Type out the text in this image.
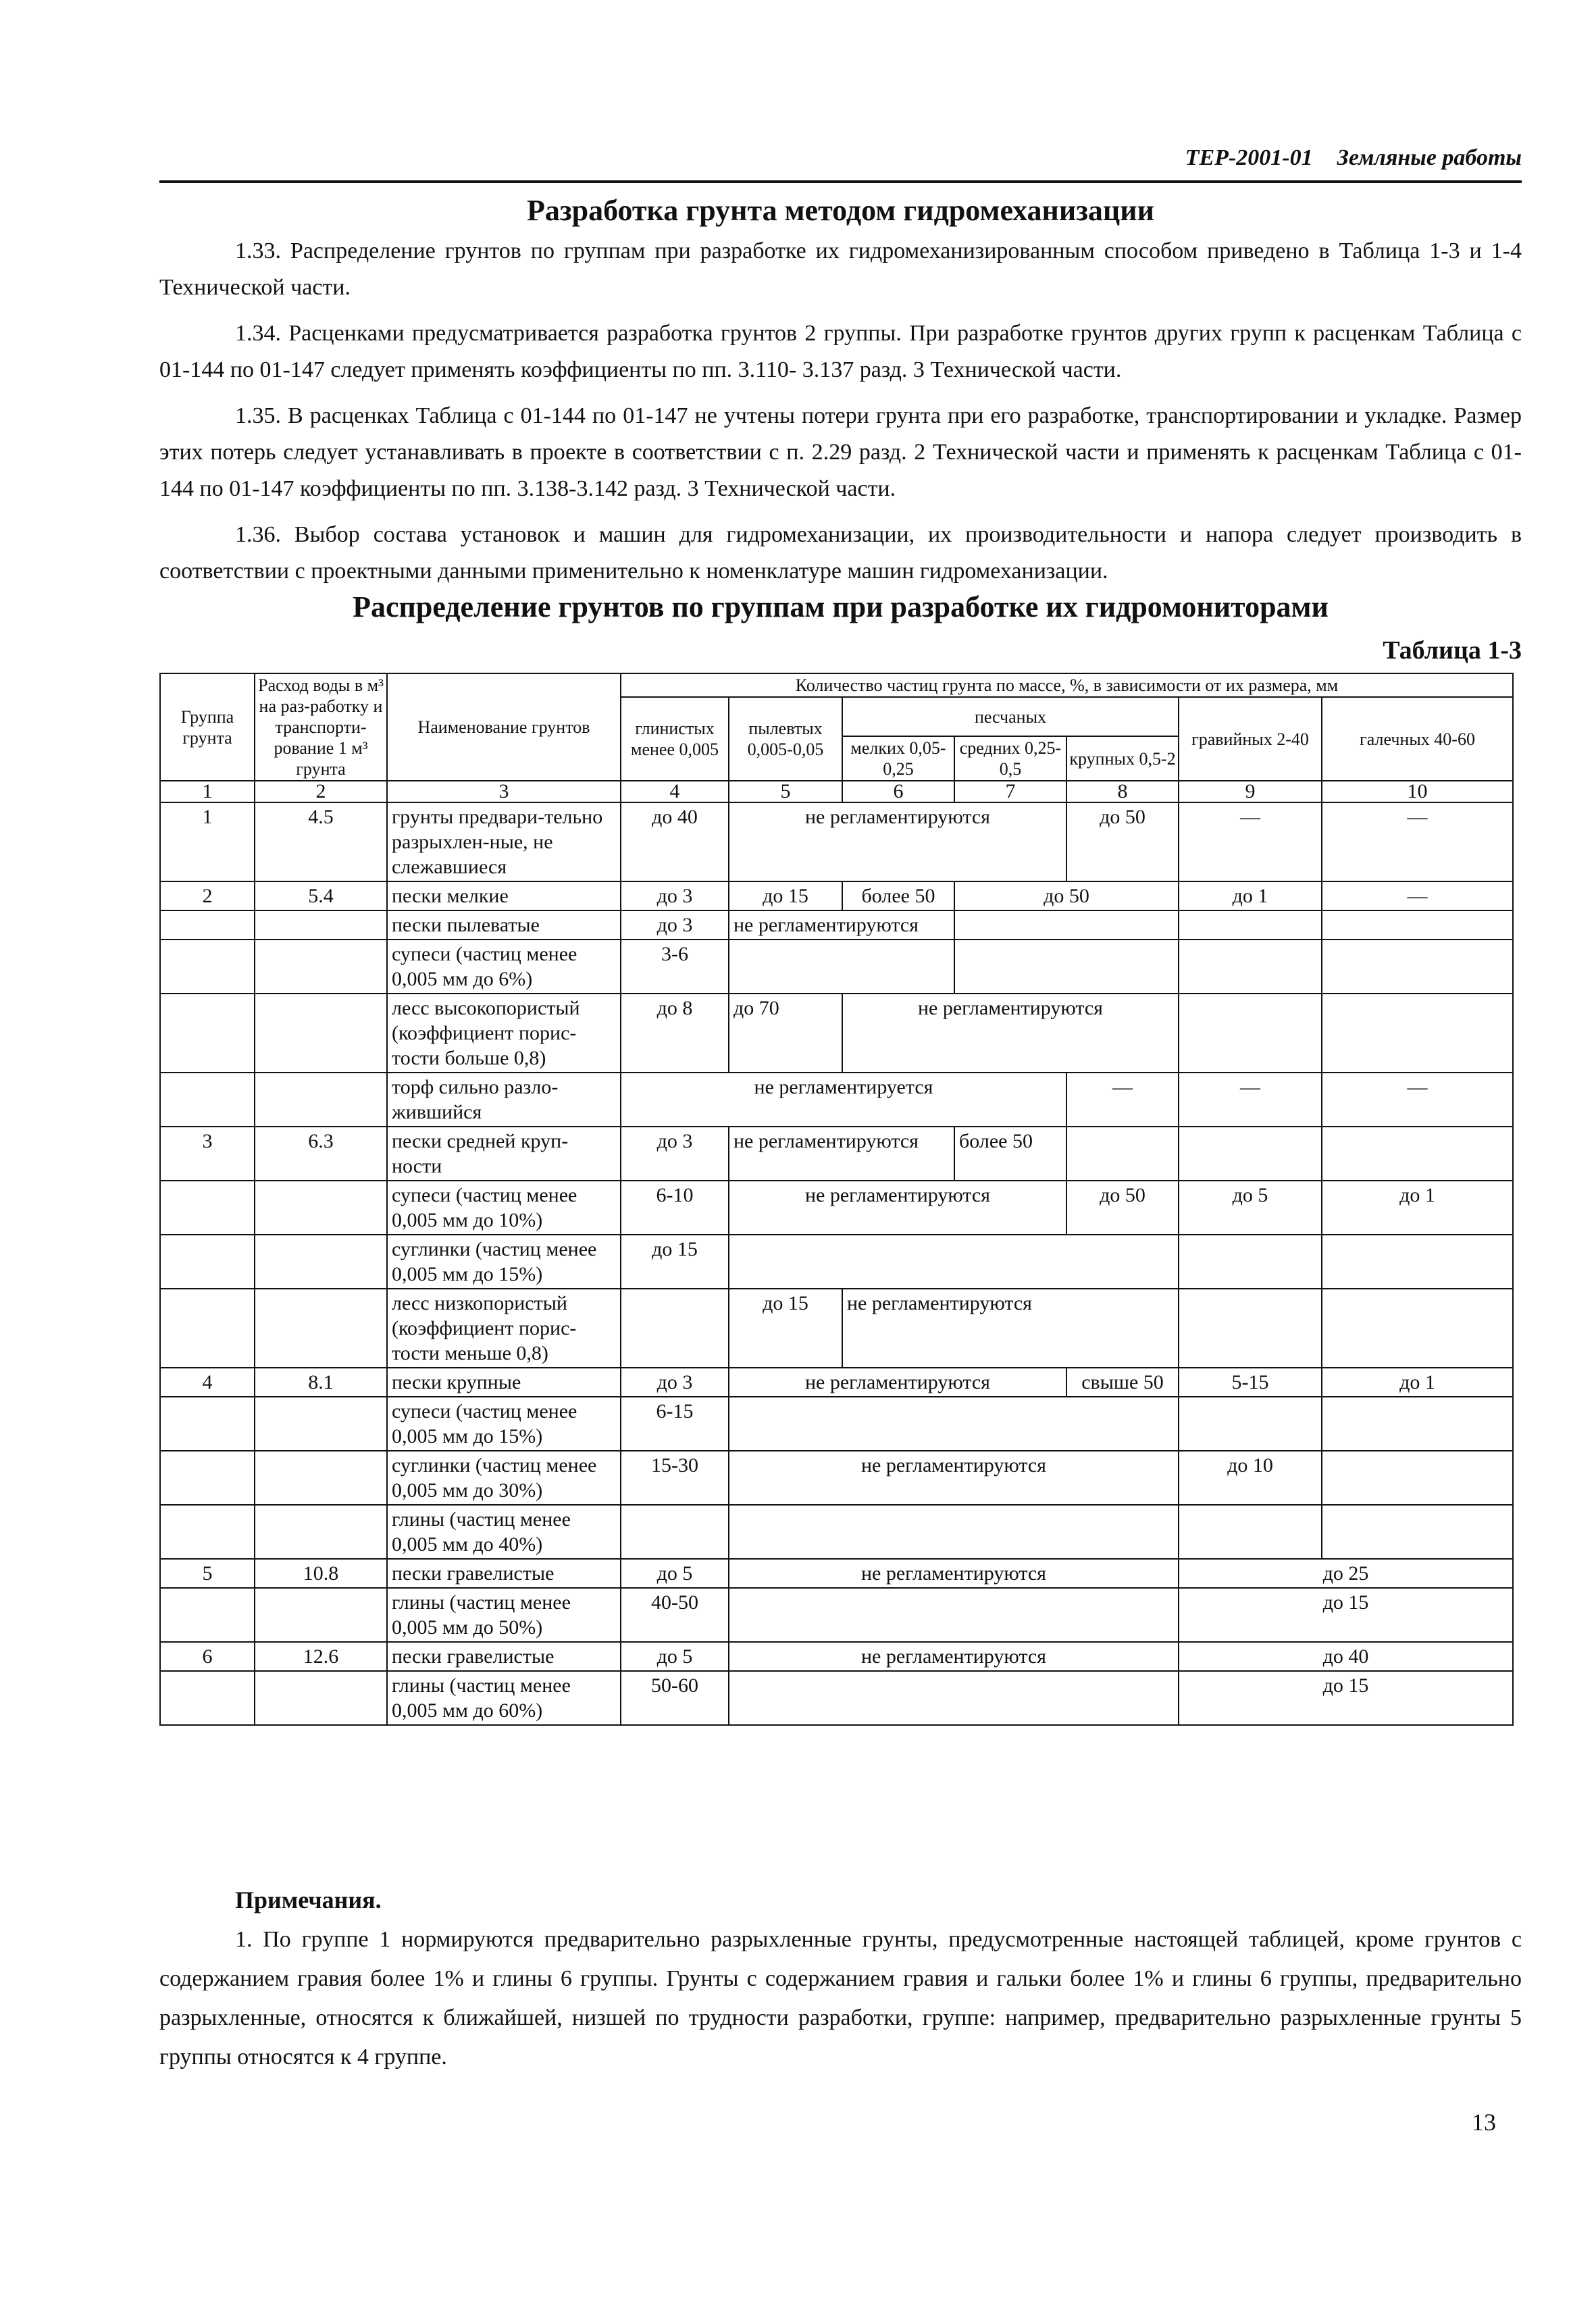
ТЕР-2001-01 Земляные работы
Разработка грунта методом гидромеханизации

1.33. Распределение грунтов по группам при разработке их гидромеханизированным способом приведено в Таблица 1-3 и 1-4 Технической части.

1.34. Расценками предусматривается разработка грунтов 2 группы. При разработке грунтов других групп к расценкам Таблица с 01-144 по 01-147 следует применять коэффициенты по пп. 3.110- 3.137 разд. 3 Технической части.

1.35. В расценках Таблица с 01-144 по 01-147 не учтены потери грунта при его разработке, транспортировании и укладке. Размер этих потерь следует устанавливать в проекте в соответствии с п. 2.29 разд. 2 Технической части и применять к расценкам Таблица с 01-144 по 01-147 коэффициенты по пп. 3.138-3.142 разд. 3 Технической части.

1.36. Выбор состава установок и машин для гидромеханизации, их производительности и напора следует производить в соответствии с проектными данными применительно к номенклатуре машин гидромеханизации.

Распределение грунтов по группам при разработке их гидромониторами
Таблица 1-3
Группа грунта	Расход воды в м³ на раз-работку и транспорти-рование 1 м³ грунта	Наименование грунтов	Количество частиц грунта по массе, %, в зависимости от их размера, мм						
			глинистых менее 0,005	пылевтых 0,005-0,05	песчаных			гравийных 2-40	галечных 40-60
					мелких 0,05-0,25	средних 0,25-0,5	крупных 0,5-2		
1	2	3	4	5	6	7	8	9	10
1	4.5	грунты предвари-тельно разрыхлен-ные, не слежавшиеся	до 40	не регламентируются			до 50	—	—
2	5.4	пески мелкие	до 3	до 15	более 50	до 50		до 1	—
		пески пылеватые	до 3	не регламентируются					
		супеси (частиц менее 0,005 мм до 6%)	3-6						
		лесс высокопористый (коэффициент порис-тости больше 0,8)	до 8	до 70	не регламентируются				
		торф сильно разло-жившийся	не регламентируется				—	—	—
3	6.3	пески средней круп-ности	до 3	не регламентируются		более 50			
		супеси (частиц менее 0,005 мм до 10%)	6-10	не регламентируются			до 50	до 5	до 1
		суглинки (частиц менее 0,005 мм до 15%)	до 15						
		лесс низкопористый (коэффициент порис-тости меньше 0,8)		до 15	не регламентируются				
4	8.1	пески крупные	до 3	не регламентируются			свыше 50	5-15	до 1
		супеси (частиц менее 0,005 мм до 15%)	6-15						
		суглинки (частиц менее 0,005 мм до 30%)	15-30	не регламентируются				до 10	
		глины (частиц менее 0,005 мм до 40%)							
5	10.8	пески гравелистые	до 5	не регламентируются				до 25	
		глины (частиц менее 0,005 мм до 50%)	40-50					до 15	
6	12.6	пески гравелистые	до 5	не регламентируются				до 40	
		глины (частиц менее 0,005 мм до 60%)	50-60					до 15	
Примечания.

1. По группе 1 нормируются предварительно разрыхленные грунты, предусмотренные настоящей таблицей, кроме грунтов с содержанием гравия более 1% и глины 6 группы. Грунты с содержанием гравия и гальки более 1% и глины 6 группы, предварительно разрыхленные, относятся к ближайшей, низшей по трудности разработки, группе: например, предварительно разрыхленные грунты 5 группы относятся к 4 группе.

13
